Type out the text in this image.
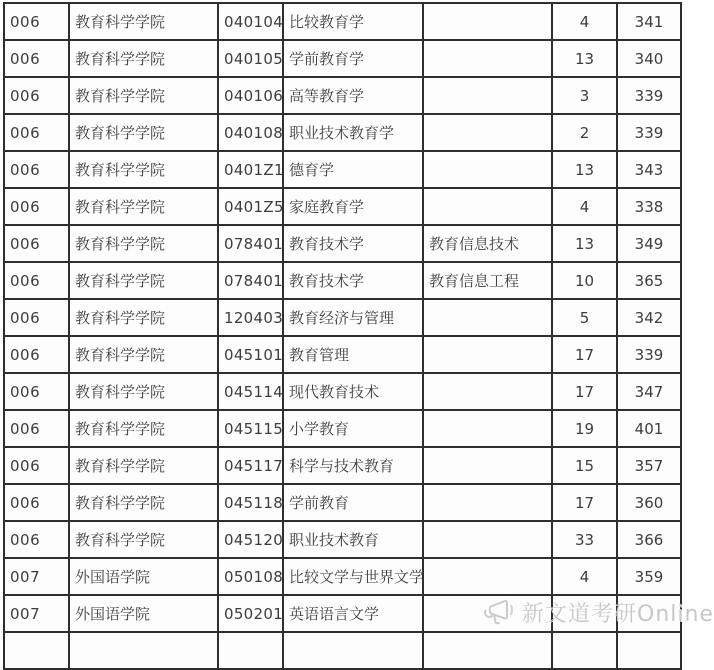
006	教育科学学院	040104	比较教育学		4	341
006	教育科学学院	040105	学前教育学		13	340
006	教育科学学院	040106	高等教育学		3	339
006	教育科学学院	040108	职业技术教育学		2	339
006	教育科学学院	0401Z1	德育学		13	343
006	教育科学学院	0401Z5	家庭教育学		4	338
006	教育科学学院	078401	教育技术学	教育信息技术	13	349
006	教育科学学院	078401	教育技术学	教育信息工程	10	365
006	教育科学学院	120403	教育经济与管理		5	342
006	教育科学学院	045101	教育管理		17	339
006	教育科学学院	045114	现代教育技术		17	347
006	教育科学学院	045115	小学教育		19	401
006	教育科学学院	045117	科学与技术教育		15	357
006	教育科学学院	045118	学前教育		17	360
006	教育科学学院	045120	职业技术教育		33	366
007	外国语学院	050108	比较文学与世界文学		4	359
007	外国语学院	050201	英语语言文学			
							新文道考研Online
